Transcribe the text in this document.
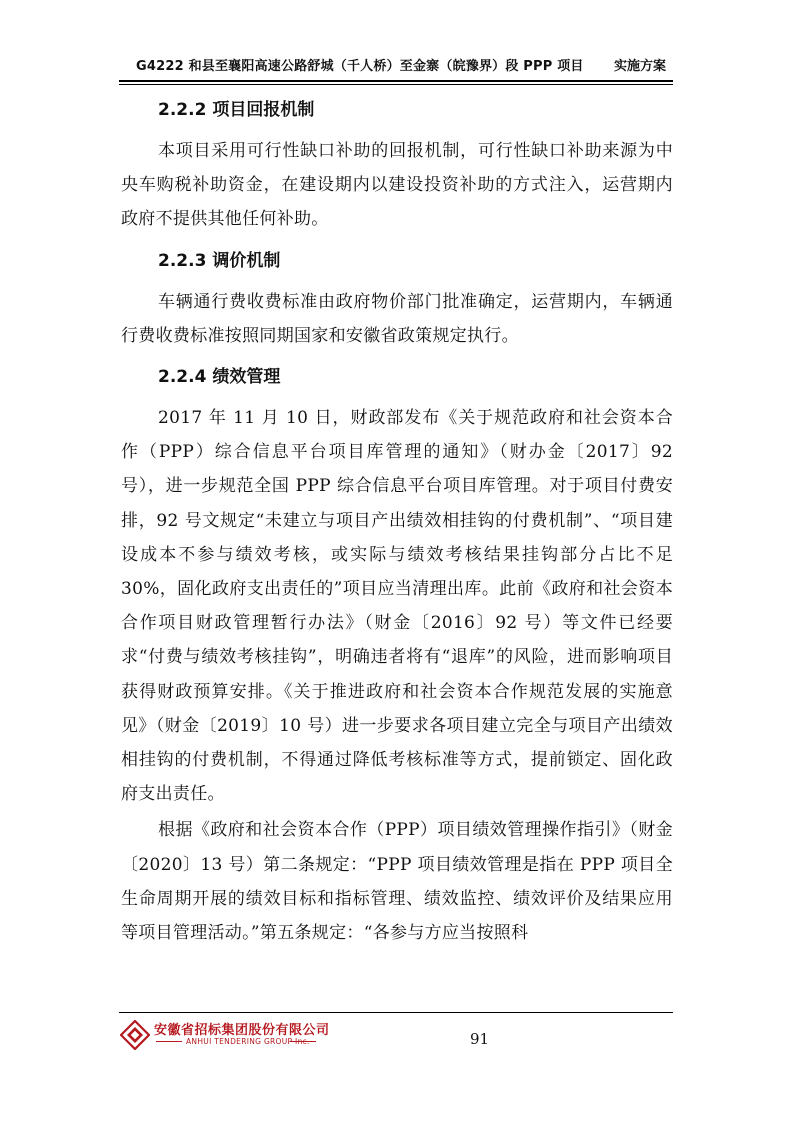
G4222 和县至襄阳高速公路舒城（千人桥）至金寨（皖豫界）段 PPP 项目 实施方案
2.2.2 项目回报机制

本项目采用可行性缺口补助的回报机制，可行性缺口补助来源为中央车购税补助资金，在建设期内以建设投资补助的方式注入，运营期内政府不提供其他任何补助。

2.2.3 调价机制

车辆通行费收费标准由政府物价部门批准确定，运营期内，车辆通行费收费标准按照同期国家和安徽省政策规定执行。

2.2.4 绩效管理

2017 年 11 月 10 日，财政部发布《关于规范政府和社会资本合作（PPP）综合信息平台项目库管理的通知》（财办金〔2017〕92 号），进一步规范全国 PPP 综合信息平台项目库管理。对于项目付费安排，92 号文规定“未建立与项目产出绩效相挂钩的付费机制”、“项目建设成本不参与绩效考核，或实际与绩效考核结果挂钩部分占比不足 30%，固化政府支出责任的”项目应当清理出库。此前《政府和社会资本合作项目财政管理暂行办法》（财金〔2016〕92 号）等文件已经要求“付费与绩效考核挂钩”，明确违者将有“退库”的风险，进而影响项目获得财政预算安排。《关于推进政府和社会资本合作规范发展的实施意见》（财金〔2019〕10 号）进一步要求各项目建立完全与项目产出绩效相挂钩的付费机制，不得通过降低考核标准等方式，提前锁定、固化政府支出责任。

根据《政府和社会资本合作（PPP）项目绩效管理操作指引》（财金〔2020〕13 号）第二条规定：“PPP 项目绩效管理是指在 PPP 项目全生命周期开展的绩效目标和指标管理、绩效监控、绩效评价及结果应用等项目管理活动。”第五条规定：“各参与方应当按照科

安徽省招标集团股份有限公司
ANHUI TENDERING GROUP Inc.	91
